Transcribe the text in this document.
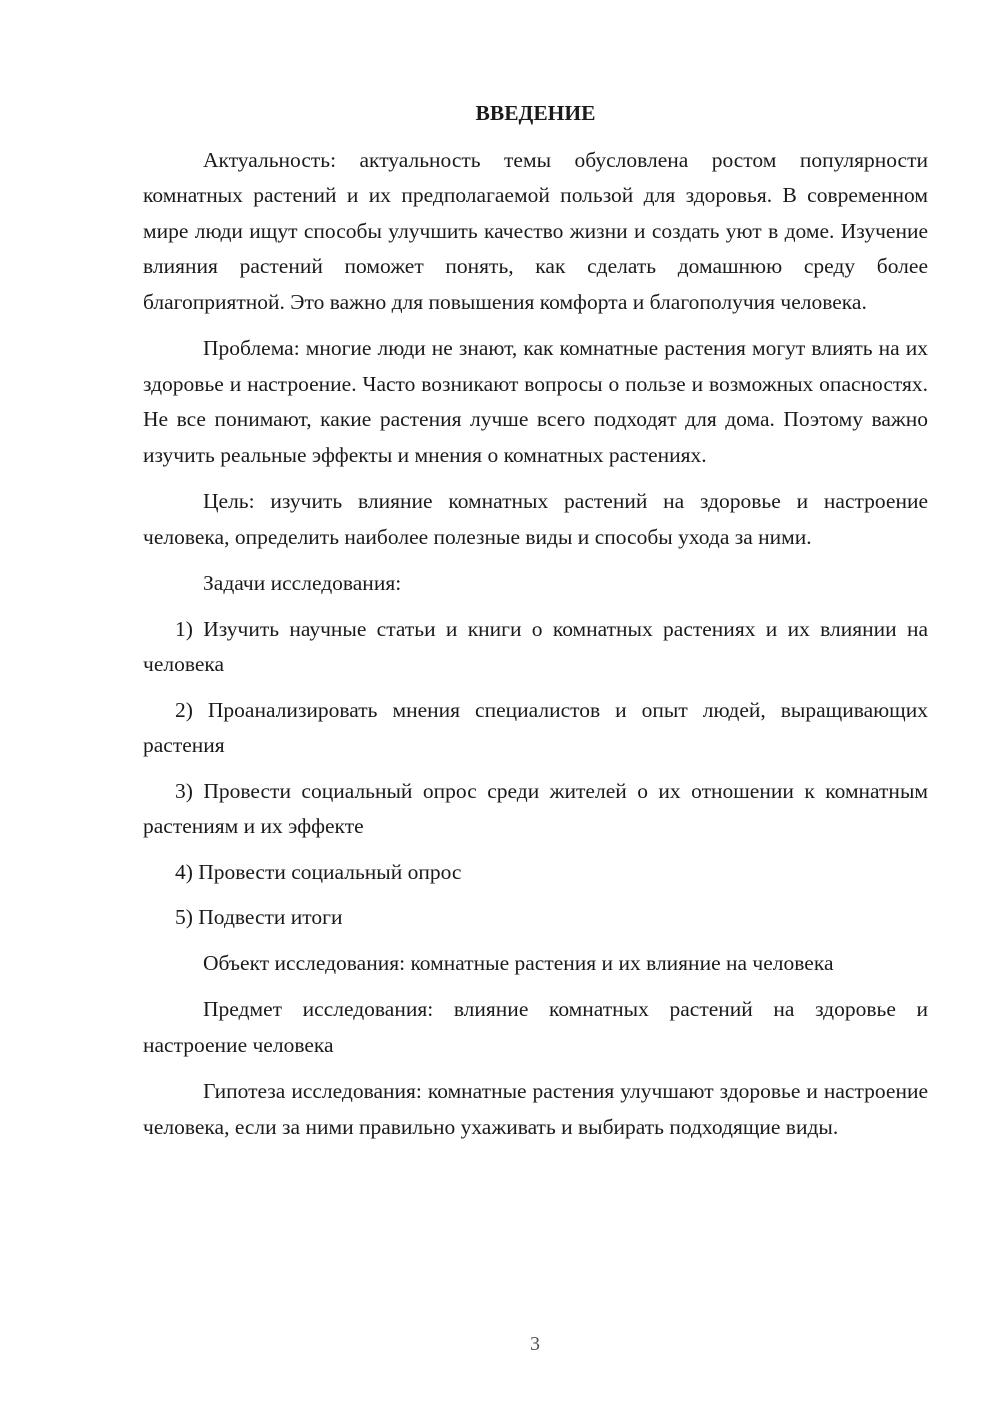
ВВЕДЕНИЕ

Актуальность: актуальность темы обусловлена ростом популярности комнатных растений и их предполагаемой пользой для здоровья. В современном мире люди ищут способы улучшить качество жизни и создать уют в доме. Изучение влияния растений поможет понять, как сделать домашнюю среду более благоприятной. Это важно для повышения комфорта и благополучия человека.

Проблема: многие люди не знают, как комнатные растения могут влиять на их здоровье и настроение. Часто возникают вопросы о пользе и возможных опасностях. Не все понимают, какие растения лучше всего подходят для дома. Поэтому важно изучить реальные эффекты и мнения о комнатных растениях.

Цель: изучить влияние комнатных растений на здоровье и настроение человека, определить наиболее полезные виды и способы ухода за ними.

Задачи исследования:

1) Изучить научные статьи и книги о комнатных растениях и их влиянии на человека

2) Проанализировать мнения специалистов и опыт людей, выращивающих растения

3) Провести социальный опрос среди жителей о их отношении к комнатным растениям и их эффекте

4) Провести социальный опрос

5) Подвести итоги

Объект исследования: комнатные растения и их влияние на человека

Предмет исследования: влияние комнатных растений на здоровье и настроение человека

Гипотеза исследования: комнатные растения улучшают здоровье и настроение человека, если за ними правильно ухаживать и выбирать подходящие виды.

3
